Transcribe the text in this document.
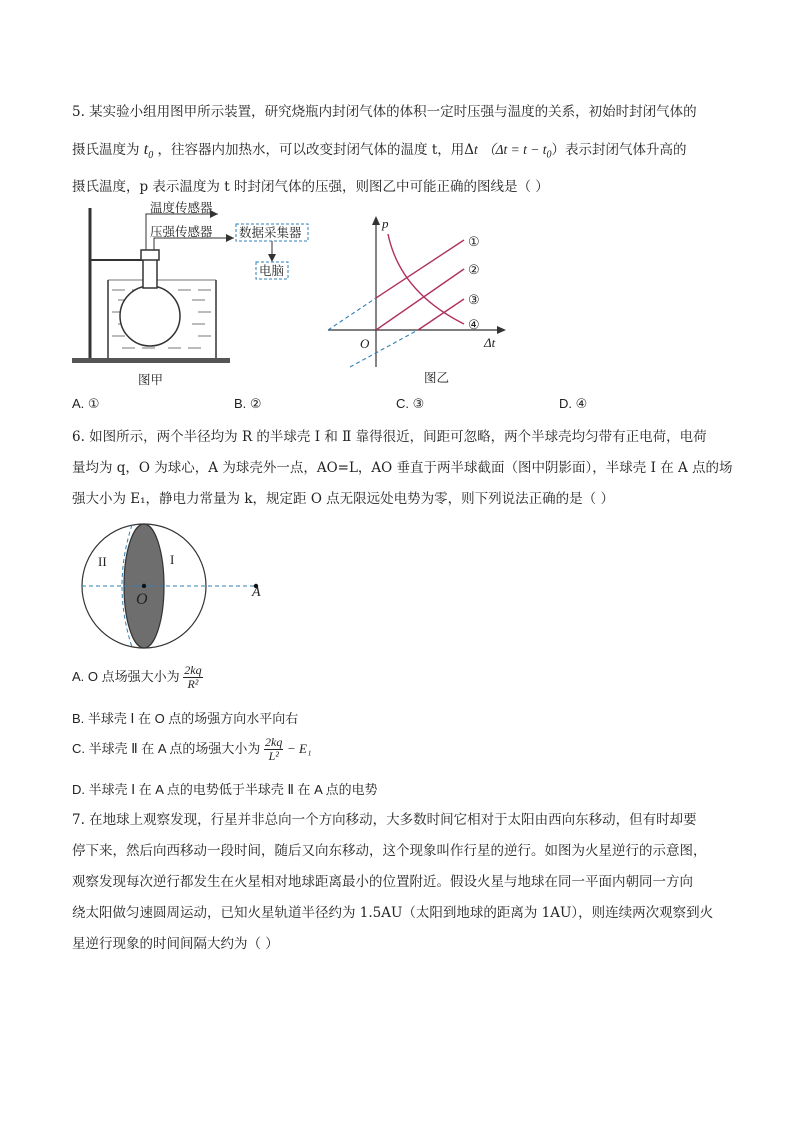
5. 某实验小组用图甲所示装置，研究烧瓶内封闭气体的体积一定时压强与温度的关系，初始时封闭气体的
摄氏温度为 $t_0$ ，往容器内加热水，可以改变封闭气体的温度 t，用Δt $(\Delta t = t - t_0)$表示封闭气体升高的
摄氏温度，p 表示温度为 t 时封闭气体的压强，则图乙中可能正确的图线是（ ）
温度传感器
压强传感器 数据采集器
电脑
图甲
p
Δt
O
①
②
③
④
图乙
A. ①	B. ②	C. ③	D. ④
6. 如图所示，两个半径均为 R 的半球壳 Ⅰ 和 Ⅱ 靠得很近，间距可忽略，两个半球壳均匀带有正电荷，电荷
量均为 q，O 为球心，A 为球壳外一点，AO=L，AO 垂直于两半球截面（图中阴影面），半球壳 Ⅰ 在 A 点的场
强大小为 E₁，静电力常量为 k，规定距 O 点无限远处电势为零，则下列说法正确的是（ ）
II	I
O	A
A. O 点场强大小为 $\frac{2kq}{\text{R²}}$
B. 半球壳 Ⅰ 在 O 点的场强方向水平向右
C. 半球壳 Ⅱ 在 A 点的场强大小为 $\frac{2kq}{\text{L²}} - E_1$
D. 半球壳 Ⅰ 在 A 点的电势低于半球壳 Ⅱ 在 A 点的电势
7. 在地球上观察发现，行星并非总向一个方向移动，大多数时间它相对于太阳由西向东移动，但有时却要
停下来，然后向西移动一段时间，随后又向东移动，这个现象叫作行星的逆行。如图为火星逆行的示意图，
观察发现每次逆行都发生在火星相对地球距离最小的位置附近。假设火星与地球在同一平面内朝同一方向
绕太阳做匀速圆周运动，已知火星轨道半径约为 1.5AU（太阳到地球的距离为 1AU），则连续两次观察到火
星逆行现象的时间间隔大约为（ ）
